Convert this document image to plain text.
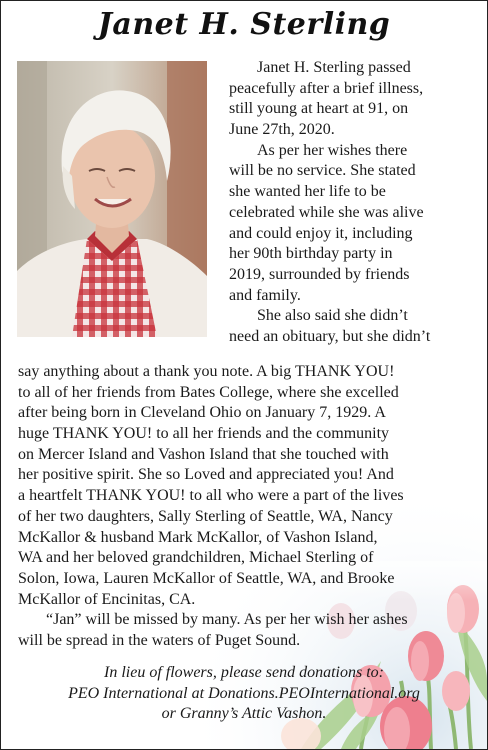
Janet H. Sterling
Janet H. Sterling passed
peacefully after a brief illness,
still young at heart at 91, on
June 27th, 2020.
As per her wishes there
will be no service. She stated
she wanted her life to be
celebrated while she was alive
and could enjoy it, including
her 90th birthday party in
2019, surrounded by friends
and family.
She also said she didn’t
need an obituary, but she didn’t
say anything about a thank you note. A big THANK YOU!
to all of her friends from Bates College, where she excelled
after being born in Cleveland Ohio on January 7, 1929. A
huge THANK YOU! to all her friends and the community
on Mercer Island and Vashon Island that she touched with
her positive spirit. She so Loved and appreciated you! And
a heartfelt THANK YOU! to all who were a part of the lives
of her two daughters, Sally Sterling of Seattle, WA, Nancy
McKallor & husband Mark McKallor, of Vashon Island,
WA and her beloved grandchildren, Michael Sterling of
Solon, Iowa, Lauren McKallor of Seattle, WA, and Brooke
McKallor of Encinitas, CA.
“Jan” will be missed by many. As per her wish her ashes
will be spread in the waters of Puget Sound.
In lieu of flowers, please send donations to:
PEO International at Donations.PEOInternational.org
or Granny’s Attic Vashon.
